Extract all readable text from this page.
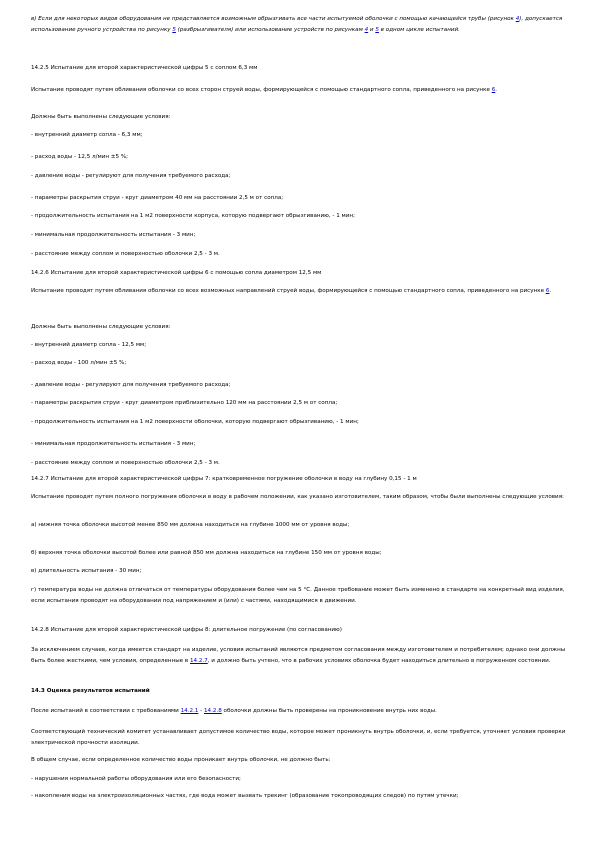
в) Если для некоторых видов оборудования не представляется возможным обрызгивать все части испытуемой оболочки с помощью качающейся трубы (рисунок 4), допускается использование ручного устройства по рисунку 5 (разбрызгивателя) или использование устройств по рисункам 4 и 5 в одном цикле испытаний.
14.2.5 Испытание для второй характеристической цифры 5 с соплом 6,3 мм
Испытание проводят путем обливания оболочки со всех сторон струей воды, формирующейся с помощью стандартного сопла, приведенного на рисунке 6.
Должны быть выполнены следующие условия:
- внутренний диаметр сопла - 6,3 мм;
- расход воды - 12,5 л/мин ±5 %;
- давление воды - регулируют для получения требуемого расхода;
- параметры раскрытия струи - круг диаметром 40 мм на расстоянии 2,5 м от сопла;
- продолжительность испытания на 1 м2 поверхности корпуса, которую подвергают обрызгиванию, - 1 мин;
- минимальная продолжительность испытания - 3 мин;
- расстояние между соплом и поверхностью оболочки 2,5 - 3 м.
14.2.6 Испытание для второй характеристической цифры 6 с помощью сопла диаметром 12,5 мм
Испытание проводят путем обливания оболочки со всех возможных направлений струей воды, формирующейся с помощью стандартного сопла, приведенного на рисунке 6.
Должны быть выполнены следующие условия:
- внутренний диаметр сопла - 12,5 мм;
- расход воды - 100 л/мин ±5 %;
- давление воды - регулируют для получения требуемого расхода;
- параметры раскрытия струи - круг диаметром приблизительно 120 мм на расстоянии 2,5 м от сопла;
- продолжительность испытания на 1 м2 поверхности оболочки, которую подвергают обрызгиванию, - 1 мин;
- минимальная продолжительность испытания - 3 мин;
- расстояние между соплом и поверхностью оболочки 2,5 - 3 м.
14.2.7 Испытание для второй характеристической цифры 7: кратковременное погружение оболочки в воду на глубину 0,15 - 1 м
Испытание проводят путем полного погружения оболочки в воду в рабочем положении, как указано изготовителем, таким образом, чтобы были выполнены следующие условия:
а) нижняя точка оболочки высотой менее 850 мм должна находиться на глубине 1000 мм от уровня воды;
б) верхняя точка оболочки высотой более или равной 850 мм должна находиться на глубине 150 мм от уровня воды;
в) длительность испытания - 30 мин;
г) температура воды не должна отличаться от температуры оборудования более чем на 5 °С. Данное требование может быть изменено в стандарте на конкретный вид изделия, если испытания проводят на оборудовании под напряжением и (или) с частями, находящимися в движении.
14.2.8 Испытание для второй характеристической цифры 8: длительное погружение (по согласованию)
За исключением случаев, когда имеется стандарт на изделие, условия испытаний являются предметом согласования между изготовителем и потребителем; однако они должны быть более жесткими, чем условия, определенные в 14.2.7, и должно быть учтено, что в рабочих условиях оболочка будет находиться длительно в погруженном состоянии.
14.3 Оценка результатов испытаний
После испытаний в соответствии с требованиями 14.2.1 - 14.2.8 оболочки должны быть проверены на проникновение внутрь них воды.
Соответствующий технический комитет устанавливает допустимое количество воды, которое может проникнуть внутрь оболочки, и, если требуется, уточняет условия проверки электрической прочности изоляции.
В общем случае, если определенное количество воды проникает внутрь оболочки, не должно быть:
- нарушения нормальной работы оборудования или его безопасности;
- накопления воды на электроизоляционных частях, где вода может вызвать трекинг (образование токопроводящих следов) по путям утечки;
